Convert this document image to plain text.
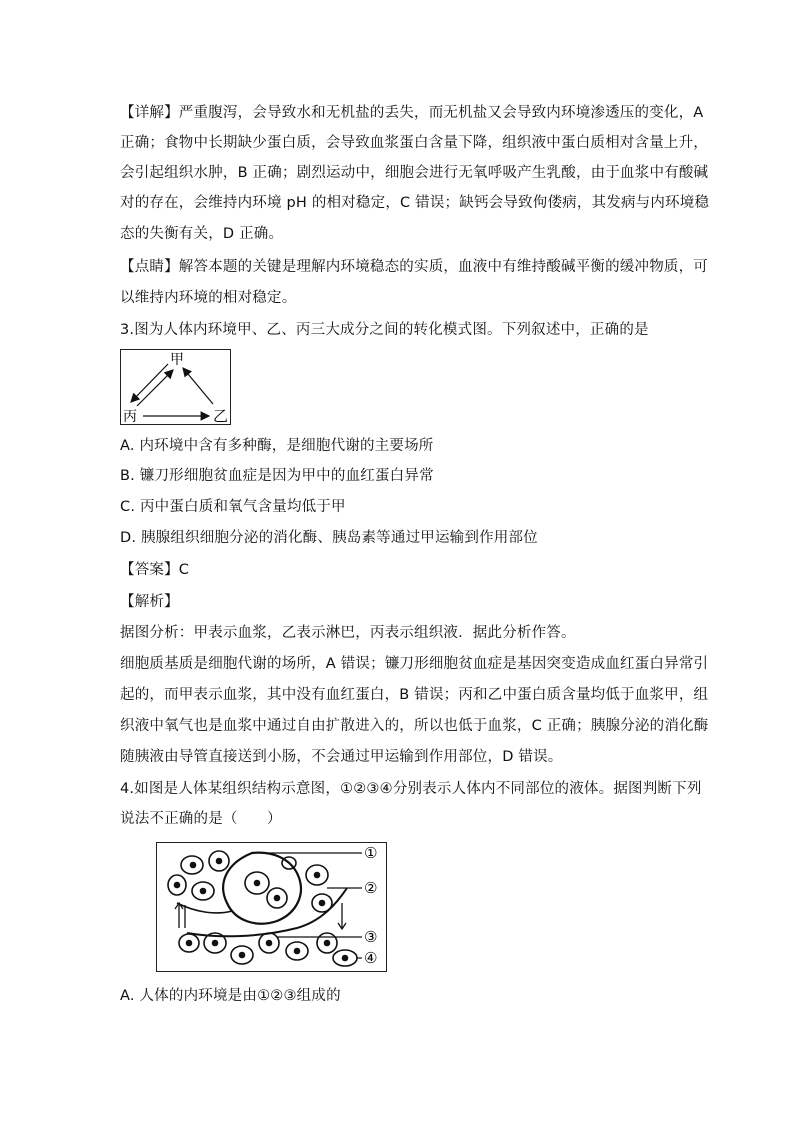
【详解】严重腹泻，会导致水和无机盐的丢失，而无机盐又会导致内环境渗透压的变化，A
正确；食物中长期缺少蛋白质，会导致血浆蛋白含量下降，组织液中蛋白质相对含量上升，
会引起组织水肿，B 正确；剧烈运动中，细胞会进行无氧呼吸产生乳酸，由于血浆中有酸碱
对的存在，会维持内环境 pH 的相对稳定，C 错误；缺钙会导致佝偻病，其发病与内环境稳
态的失衡有关，D 正确。
【点睛】解答本题的关键是理解内环境稳态的实质，血液中有维持酸碱平衡的缓冲物质，可
以维持内环境的相对稳定。
3.图为人体内环境甲、乙、丙三大成分之间的转化模式图。下列叙述中，正确的是
甲
丙	乙
A. 内环境中含有多种酶，是细胞代谢的主要场所
B. 镰刀形细胞贫血症是因为甲中的血红蛋白异常
C. 丙中蛋白质和氧气含量均低于甲
D. 胰腺组织细胞分泌的消化酶、胰岛素等通过甲运输到作用部位
【答案】C
【解析】
据图分析：甲表示血浆，乙表示淋巴，丙表示组织液．据此分析作答。
细胞质基质是细胞代谢的场所，A 错误；镰刀形细胞贫血症是基因突变造成血红蛋白异常引
起的，而甲表示血浆，其中没有血红蛋白，B 错误；丙和乙中蛋白质含量均低于血浆甲，组
织液中氧气也是血浆中通过自由扩散进入的，所以也低于血浆，C 正确；胰腺分泌的消化酶
随胰液由导管直接送到小肠，不会通过甲运输到作用部位，D 错误。
4.如图是人体某组织结构示意图，①②③④分别表示人体内不同部位的液体。据图判断下列
说法不正确的是（　　）
①
②
③
④
A. 人体的内环境是由①②③组成的
